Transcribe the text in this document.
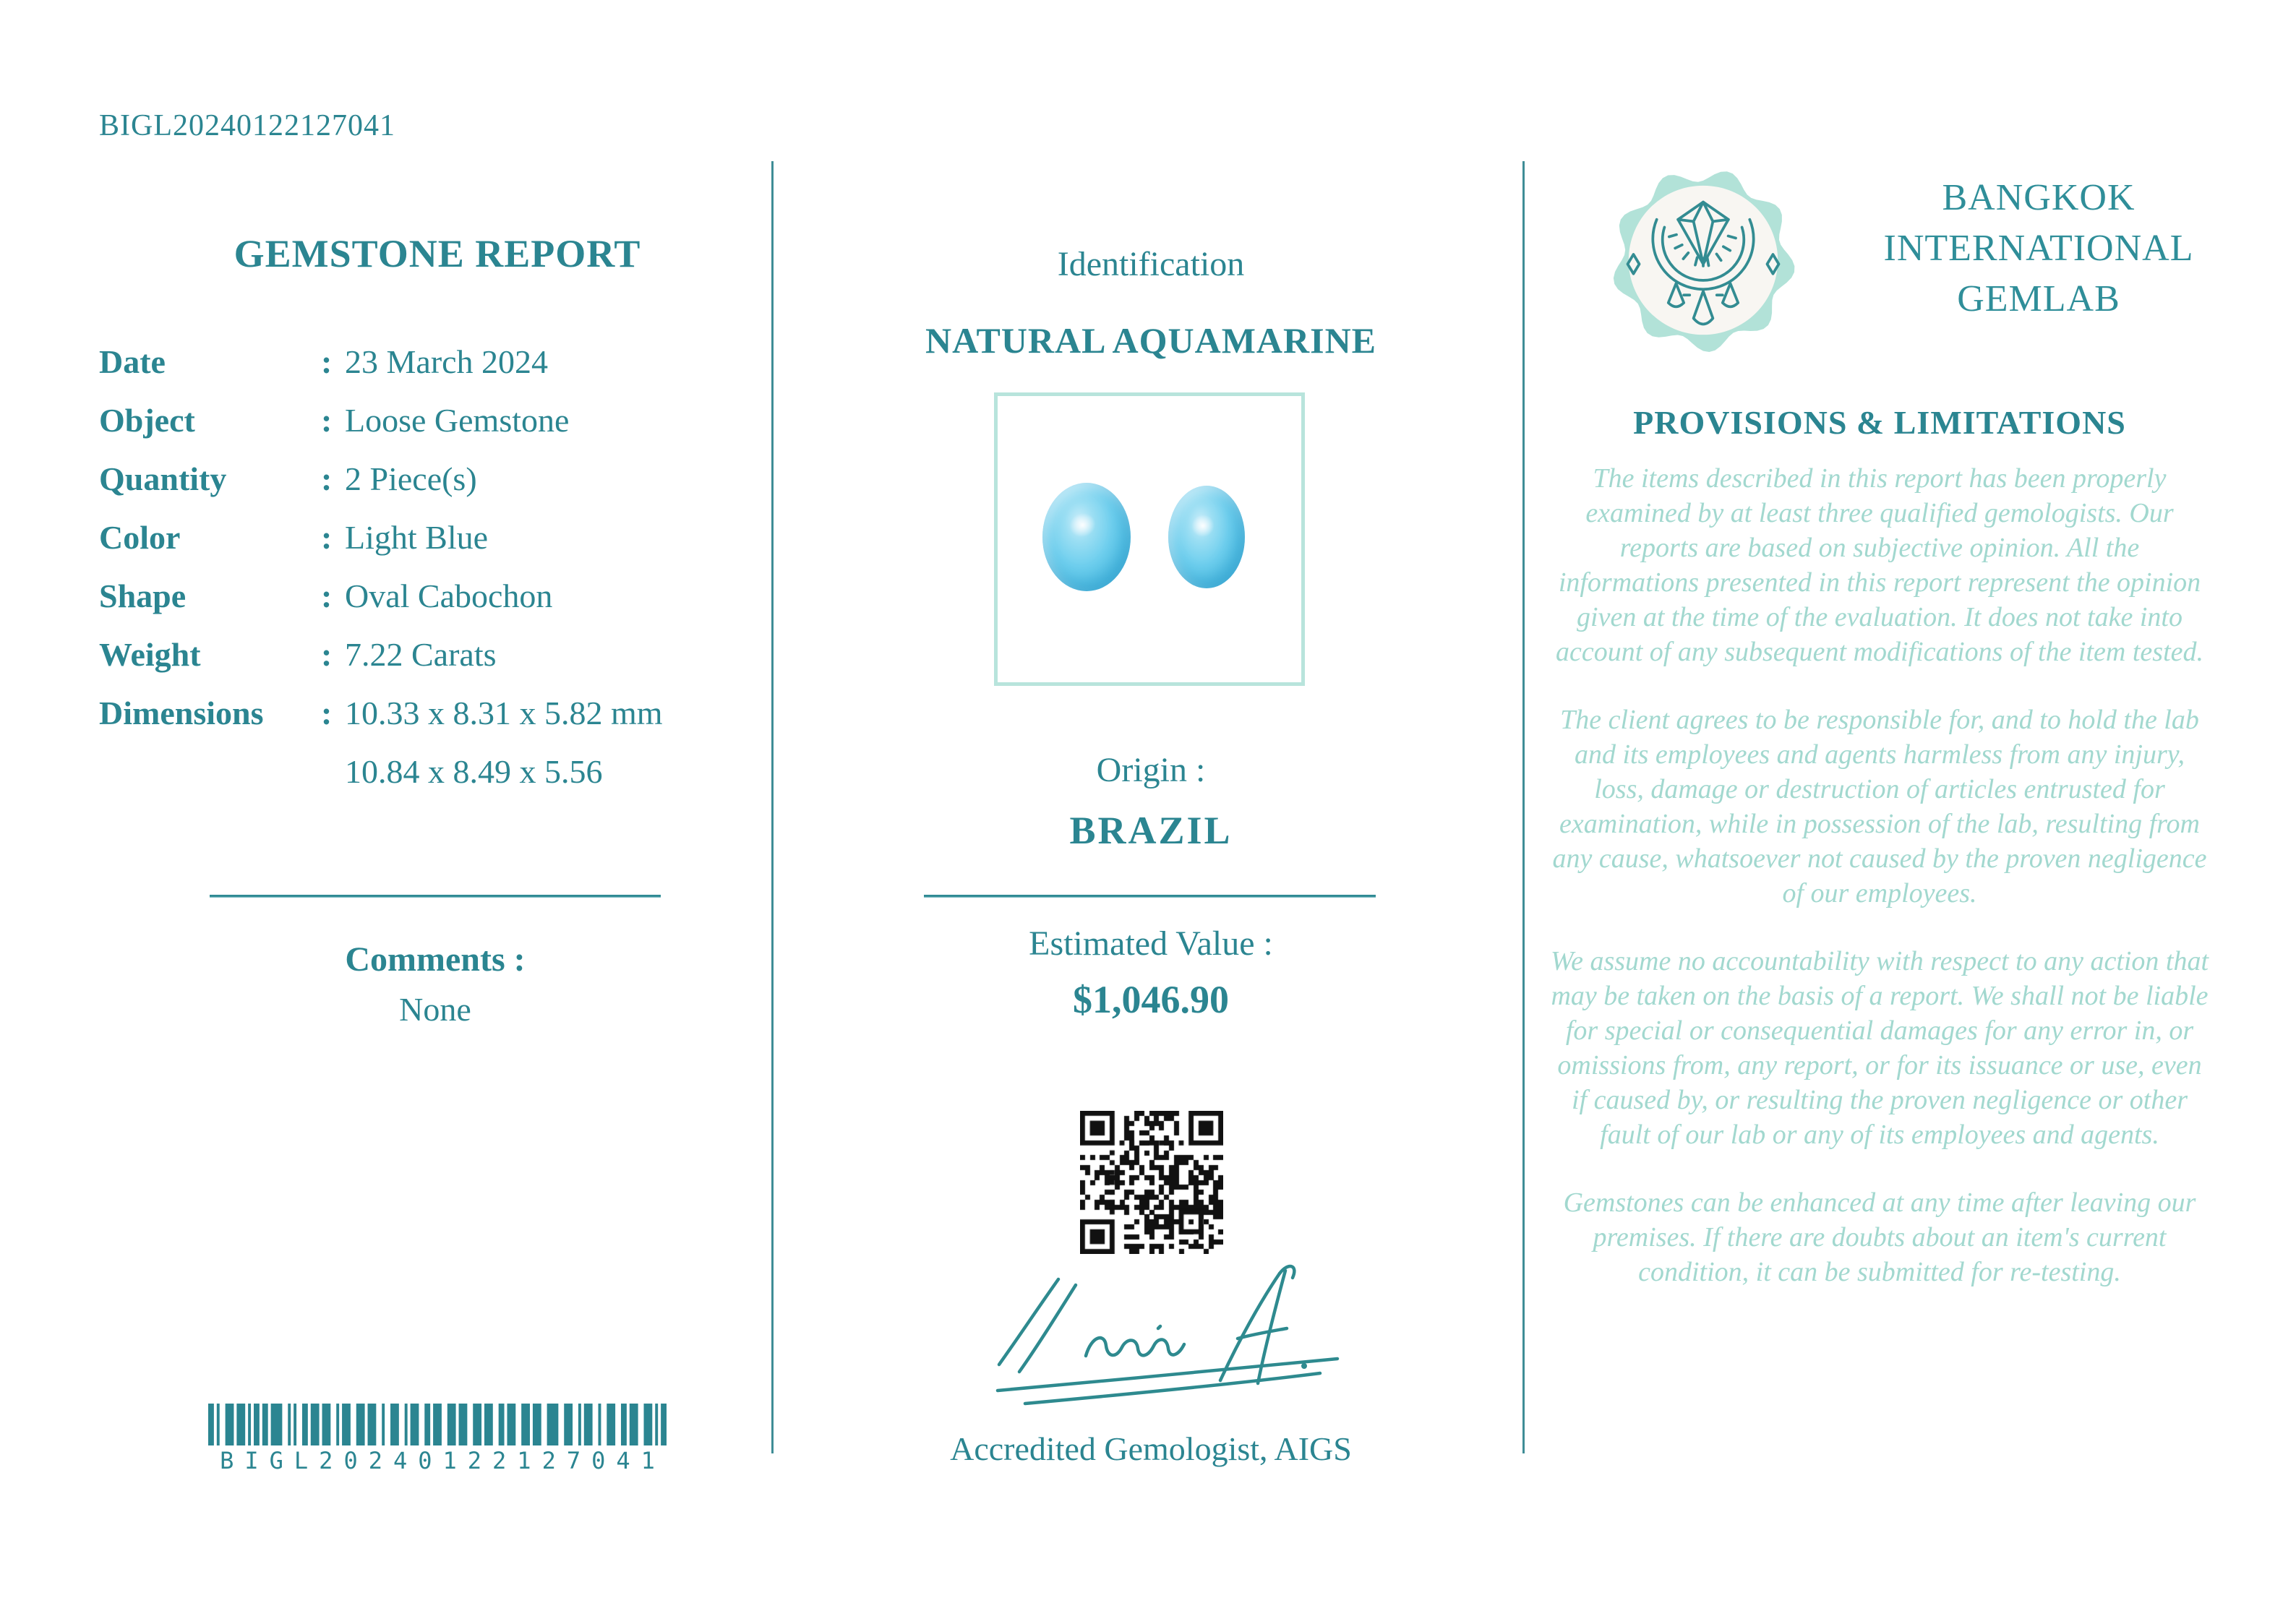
BIGL20240122127041
GEMSTONE REPORT
Date	: 23 March 2024
Object	: Loose Gemstone
Quantity	: 2 Piece(s)
Color	: Light Blue
Shape	: Oval Cabochon
Weight	: 7.22 Carats
Dimensions : 10.33 x 8.31 x 5.82 mm
10.84 x 8.49 x 5.56
Comments :
None
BIGL20240122127041
Identification
NATURAL AQUAMARINE
Origin :
BRAZIL
Estimated Value :
$1,046.90
Accredited Gemologist, AIGS
BANGKOK
INTERNATIONAL
GEMLAB
PROVISIONS & LIMITATIONS

The items described in this report has been properly examined by at least three qualified gemologists. Our reports are based on subjective opinion. All the informations presented in this report represent the opinion given at the time of the evaluation. It does not take into account of any subsequent modifications of the item tested.

The client agrees to be responsible for, and to hold the lab and its employees and agents harmless from any injury, loss, damage or destruction of articles entrusted for examination, while in possession of the lab, resulting from any cause, whatsoever not caused by the proven negligence of our employees.

We assume no accountability with respect to any action that may be taken on the basis of a report. We shall not be liable for special or consequential damages for any error in, or omissions from, any report, or for its issuance or use, even if caused by, or resulting the proven negligence or other fault of our lab or any of its employees and agents.

Gemstones can be enhanced at any time after leaving our premises. If there are doubts about an item's current condition, it can be submitted for re-testing.
